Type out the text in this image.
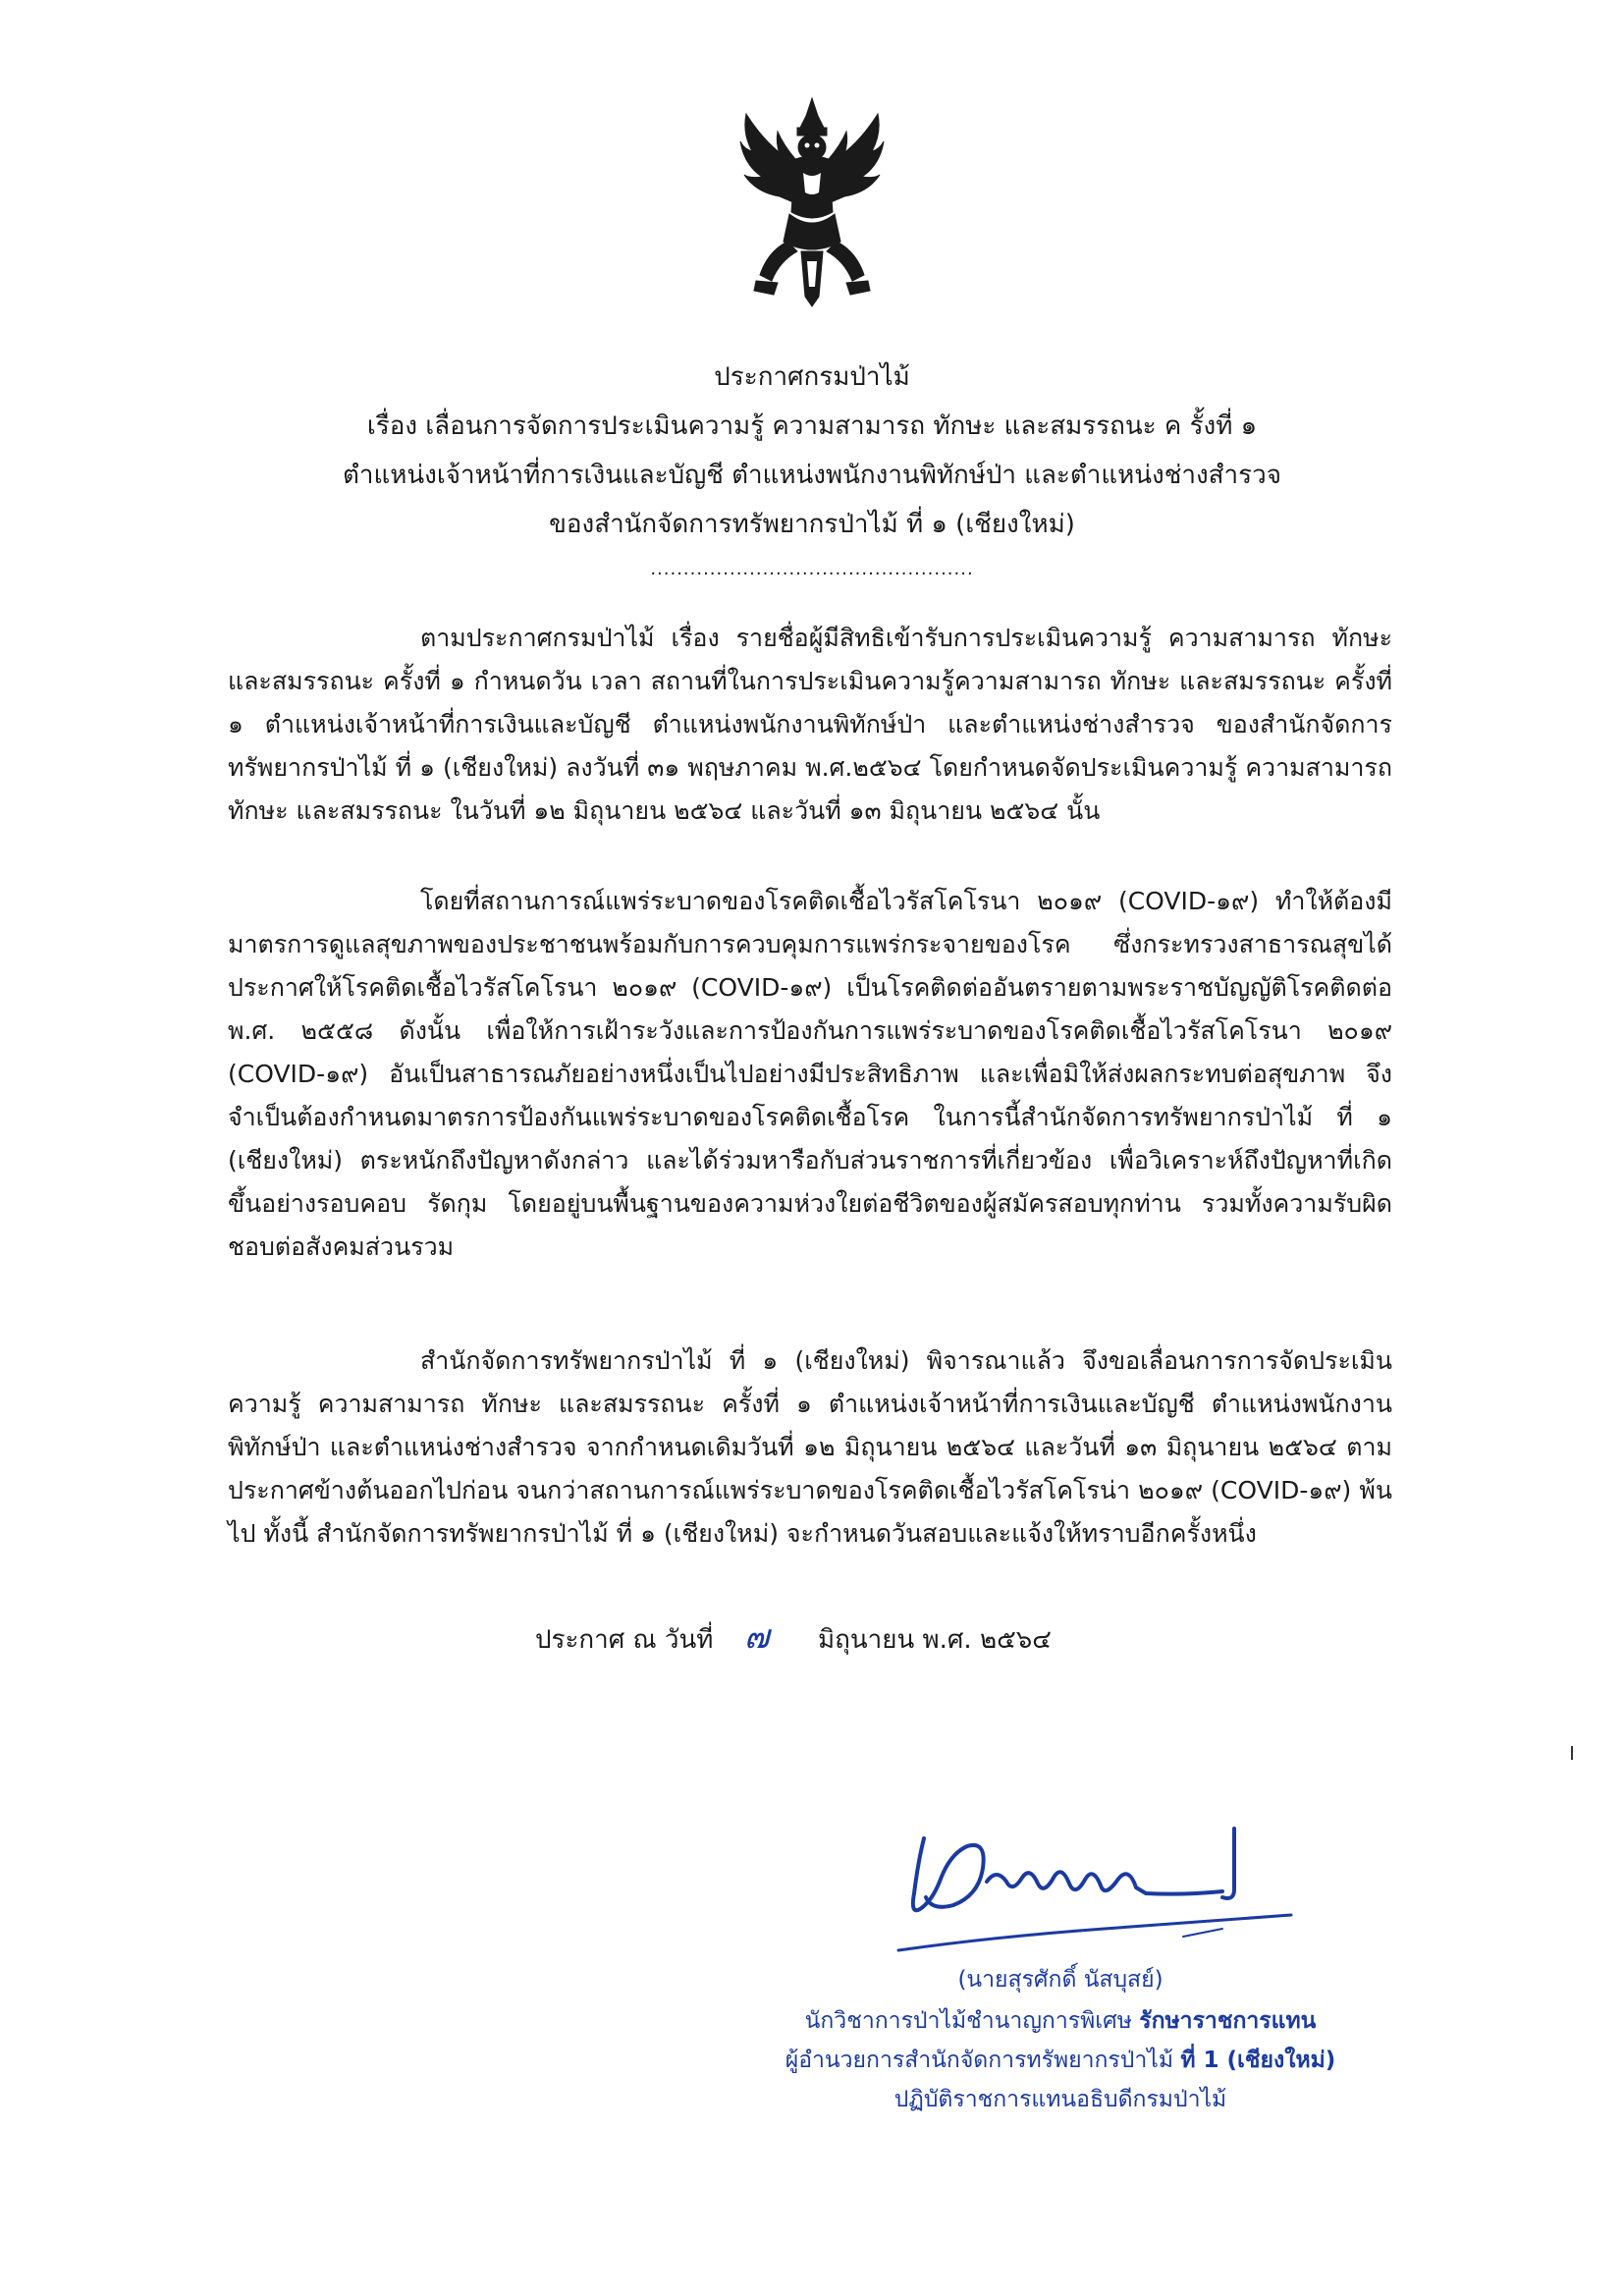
ประกาศกรมป่าไม้
เรื่อง เลื่อนการจัดการประเมินความรู้ ความสามารถ ทักษะ และสมรรถนะ ค รั้งที่ ๑
ตำแหน่งเจ้าหน้าที่การเงินและบัญชี ตำแหน่งพนักงานพิทักษ์ป่า และตำแหน่งช่างสำรวจ
ของสำนักจัดการทรัพยากรป่าไม้ ที่ ๑ (เชียงใหม่)
.................................................
ตามประกาศกรมป่าไม้ เรื่อง รายชื่อผู้มีสิทธิเข้ารับการประเมินความรู้ ความสามารถ ทักษะ และสมรรถนะ ครั้งที่ ๑ กำหนดวัน เวลา สถานที่ในการประเมินความรู้ความสามารถ ทักษะ และสมรรถนะ ครั้งที่ ๑ ตำแหน่งเจ้าหน้าที่การเงินและบัญชี ตำแหน่งพนักงานพิทักษ์ป่า และตำแหน่งช่างสำรวจ ของสำนักจัดการทรัพยากรป่าไม้ ที่ ๑ (เชียงใหม่) ลงวันที่ ๓๑ พฤษภาคม พ.ศ.๒๕๖๔ โดยกำหนดจัดประเมินความรู้ ความสามารถ ทักษะ และสมรรถนะ ในวันที่ ๑๒ มิถุนายน ๒๕๖๔ และวันที่ ๑๓ มิถุนายน ๒๕๖๔ นั้น
โดยที่สถานการณ์แพร่ระบาดของโรคติดเชื้อไวรัสโคโรนา ๒๐๑๙ (COVID-๑๙) ทำให้ต้องมีมาตรการดูแลสุขภาพของประชาชนพร้อมกับการควบคุมการแพร่กระจายของโรค ซึ่งกระทรวงสาธารณสุขได้ประกาศให้โรคติดเชื้อไวรัสโคโรนา ๒๐๑๙ (COVID-๑๙) เป็นโรคติดต่ออันตรายตามพระราชบัญญัติโรคติดต่อ พ.ศ. ๒๕๕๘ ดังนั้น เพื่อให้การเฝ้าระวังและการป้องกันการแพร่ระบาดของโรคติดเชื้อไวรัสโคโรนา ๒๐๑๙ (COVID-๑๙) อันเป็นสาธารณภัยอย่างหนึ่งเป็นไปอย่างมีประสิทธิภาพ และเพื่อมิให้ส่งผลกระทบต่อสุขภาพ จึงจำเป็นต้องกำหนดมาตรการป้องกันแพร่ระบาดของโรคติดเชื้อโรค ในการนี้สำนักจัดการทรัพยากรป่าไม้ ที่ ๑ (เชียงใหม่) ตระหนักถึงปัญหาดังกล่าว และได้ร่วมหารือกับส่วนราชการที่เกี่ยวข้อง เพื่อวิเคราะห์ถึงปัญหาที่เกิดขึ้นอย่างรอบคอบ รัดกุม โดยอยู่บนพื้นฐานของความห่วงใยต่อชีวิตของผู้สมัครสอบทุกท่าน รวมทั้งความรับผิดชอบต่อสังคมส่วนรวม
สำนักจัดการทรัพยากรป่าไม้ ที่ ๑ (เชียงใหม่) พิจารณาแล้ว จึงขอเลื่อนการการจัดประเมินความรู้ ความสามารถ ทักษะ และสมรรถนะ ครั้งที่ ๑ ตำแหน่งเจ้าหน้าที่การเงินและบัญชี ตำแหน่งพนักงานพิทักษ์ป่า และตำแหน่งช่างสำรวจ จากกำหนดเดิมวันที่ ๑๒ มิถุนายน ๒๕๖๔ และวันที่ ๑๓ มิถุนายน ๒๕๖๔ ตามประกาศข้างต้นออกไปก่อน จนกว่าสถานการณ์แพร่ระบาดของโรคติดเชื้อไวรัสโคโรน่า ๒๐๑๙ (COVID-๑๙) พ้นไป ทั้งนี้ สำนักจัดการทรัพยากรป่าไม้ ที่ ๑ (เชียงใหม่) จะกำหนดวันสอบและแจ้งให้ทราบอีกครั้งหนึ่ง
ประกาศ ณ วันที่ ๗ มิถุนายน พ.ศ. ๒๕๖๔
(นายสุรศักดิ์ นัสบุสย์)
นักวิชาการป่าไม้ชำนาญการพิเศษ รักษาราชการแทน
ผู้อำนวยการสำนักจัดการทรัพยากรป่าไม้ ที่ 1 (เชียงใหม่)
ปฏิบัติราชการแทนอธิบดีกรมป่าไม้
